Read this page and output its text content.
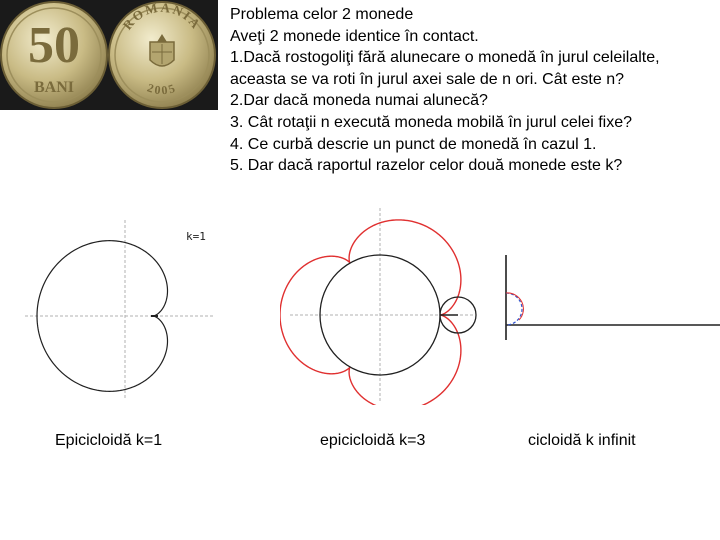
50
BANI
ROMANIA
2005
Problema celor 2 monede
Aveţi 2 monede identice în contact.
1.Dacă rostogoliţi fără alunecare o monedă în jurul celeilalte,
aceasta se va roti în jurul axei sale de n ori. Cât este n?
2.Dar dacă moneda numai alunecă?
3. Cât rotaţii n execută moneda mobilă în jurul celei fixe?
4. Ce curbă descrie un punct de monedă în cazul 1.
5. Dar dacă raportul razelor celor două monede este k?
k=1
Epicicloidă k=1	epicicloidă k=3	cicloidă k infinit
